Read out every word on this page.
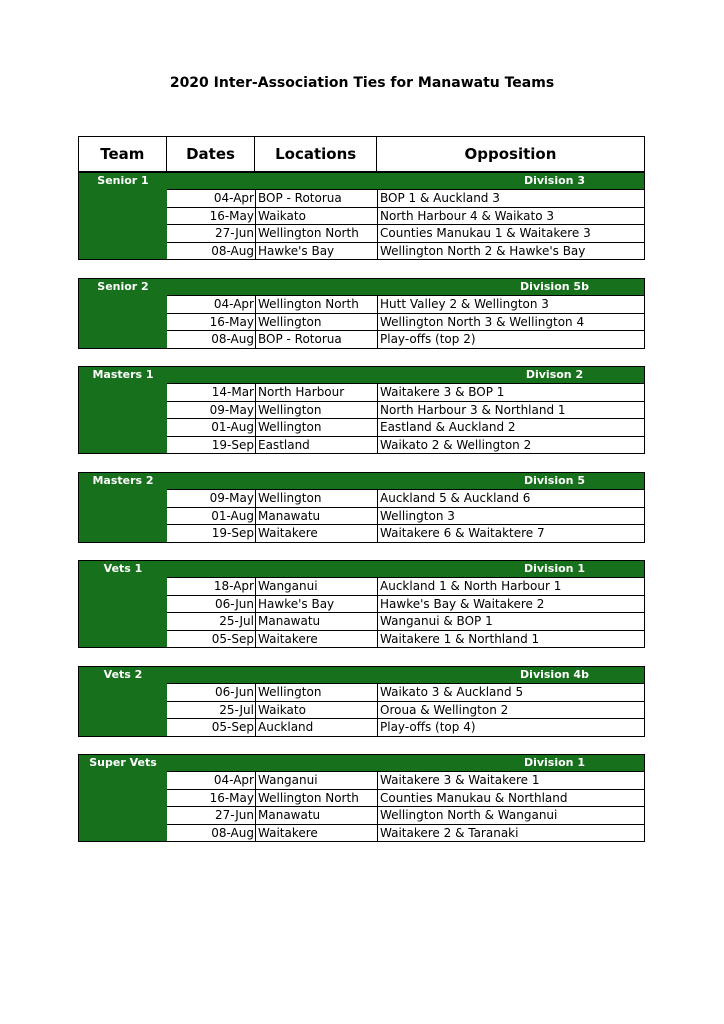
2020 Inter-Association Ties for Manawatu Teams
Team	Dates	Locations	Opposition
Senior 1	Division 3
04-Apr BOP - Rotorua	BOP 1 & Auckland 3
16-May Waikato	North Harbour 4 & Waikato 3
27-Jun Wellington North	Counties Manukau 1 & Waitakere 3
08-Aug Hawke's Bay	Wellington North 2 & Hawke's Bay
Senior 2	Division 5b
04-Apr Wellington North	Hutt Valley 2 & Wellington 3
16-May Wellington	Wellington North 3 & Wellington 4
08-Aug BOP - Rotorua	Play-offs (top 2)
Masters 1	Divison 2
14-Mar North Harbour	Waitakere 3 & BOP 1
09-May Wellington	North Harbour 3 & Northland 1
01-Aug Wellington	Eastland & Auckland 2
19-Sep Eastland	Waikato 2 & Wellington 2
Masters 2	Division 5
09-May Wellington	Auckland 5 & Auckland 6
01-Aug Manawatu	Wellington 3
19-Sep Waitakere	Waitakere 6 & Waitaktere 7
Vets 1	Division 1
18-Apr Wanganui	Auckland 1 & North Harbour 1
06-Jun Hawke's Bay	Hawke's Bay & Waitakere 2
25-Jul Manawatu	Wanganui & BOP 1
05-Sep Waitakere	Waitakere 1 & Northland 1
Vets 2	Division 4b
06-Jun Wellington	Waikato 3 & Auckland 5
25-Jul Waikato	Oroua & Wellington 2
05-Sep Auckland	Play-offs (top 4)
Super Vets	Division 1
04-Apr Wanganui	Waitakere 3 & Waitakere 1
16-May Wellington North	Counties Manukau & Northland
27-Jun Manawatu	Wellington North & Wanganui
08-Aug Waitakere	Waitakere 2 & Taranaki
